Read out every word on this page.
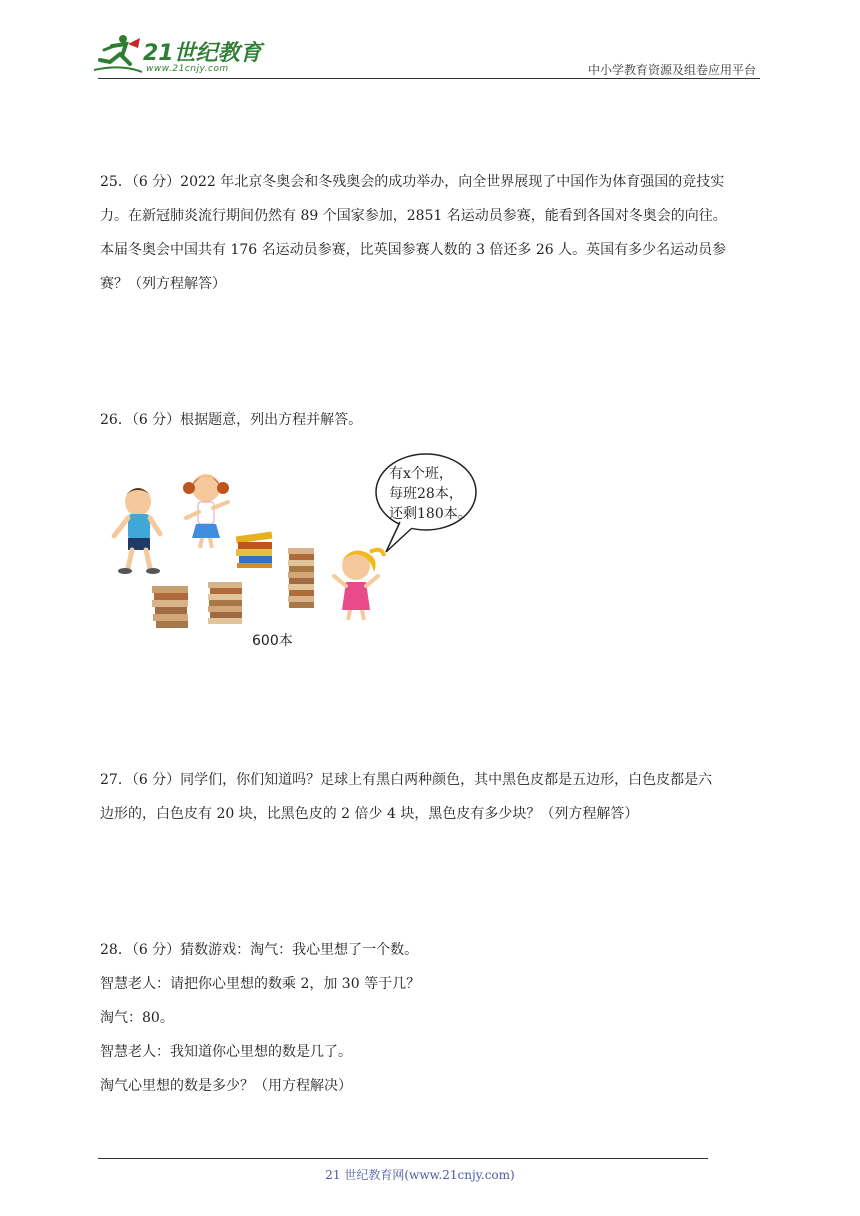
21世纪教育
www.21cnjy.com	中小学教育资源及组卷应用平台
25．（6 分）2022 年北京冬奥会和冬残奥会的成功举办，向全世界展现了中国作为体育强国的竞技实
力。在新冠肺炎流行期间仍然有 89 个国家参加，2851 名运动员参赛，能看到各国对冬奥会的向往。
本届冬奥会中国共有 176 名运动员参赛，比英国参赛人数的 3 倍还多 26 人。英国有多少名运动员参
赛？（列方程解答）
26．（6 分）根据题意，列出方程并解答。
有x个班，
每班28本，
还剩180本。
600本
27．（6 分）同学们，你们知道吗？足球上有黑白两种颜色，其中黑色皮都是五边形，白色皮都是六
边形的，白色皮有 20 块，比黑色皮的 2 倍少 4 块，黑色皮有多少块？（列方程解答）
28．（6 分）猜数游戏：淘气：我心里想了一个数。
智慧老人：请把你心里想的数乘 2，加 30 等于几？
淘气：80。
智慧老人：我知道你心里想的数是几了。
淘气心里想的数是多少？（用方程解决）
21 世纪教育网(www.21cnjy.com)
